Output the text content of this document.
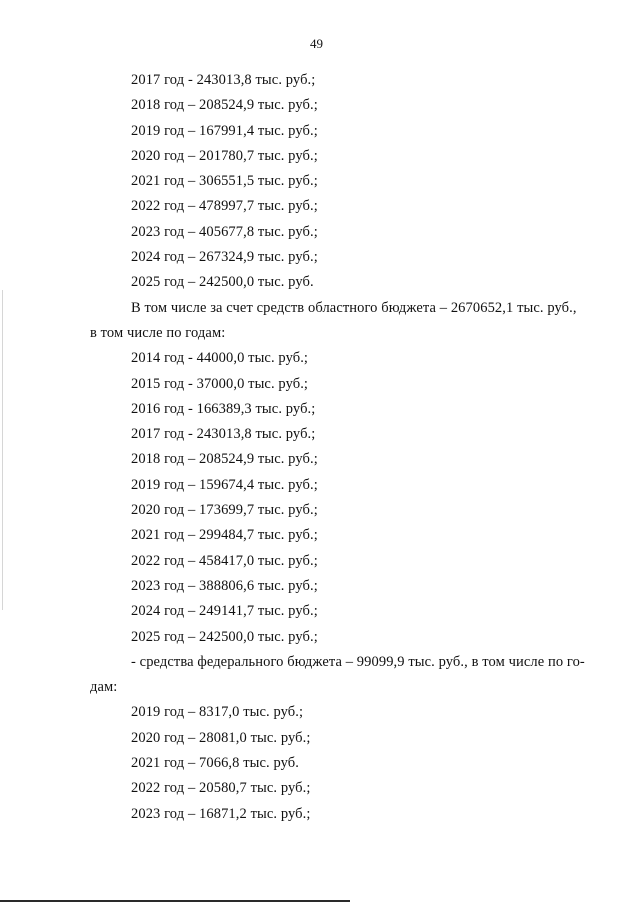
49
2017 год - 243013,8 тыс. руб.;
2018 год – 208524,9 тыс. руб.;
2019 год – 167991,4 тыс. руб.;
2020 год – 201780,7 тыс. руб.;
2021 год – 306551,5 тыс. руб.;
2022 год – 478997,7 тыс. руб.;
2023 год – 405677,8 тыс. руб.;
2024 год – 267324,9 тыс. руб.;
2025 год – 242500,0 тыс. руб.
В том числе за счет средств областного бюджета – 2670652,1 тыс. руб.,
в том числе по годам:
2014 год - 44000,0 тыс. руб.;
2015 год - 37000,0 тыс. руб.;
2016 год - 166389,3 тыс. руб.;
2017 год - 243013,8 тыс. руб.;
2018 год – 208524,9 тыс. руб.;
2019 год – 159674,4 тыс. руб.;
2020 год – 173699,7 тыс. руб.;
2021 год – 299484,7 тыс. руб.;
2022 год – 458417,0 тыс. руб.;
2023 год – 388806,6 тыс. руб.;
2024 год – 249141,7 тыс. руб.;
2025 год – 242500,0 тыс. руб.;
- средства федерального бюджета – 99099,9 тыс. руб., в том числе по го-
дам:
2019 год – 8317,0 тыс. руб.;
2020 год – 28081,0 тыс. руб.;
2021 год – 7066,8 тыс. руб.
2022 год – 20580,7 тыс. руб.;
2023 год – 16871,2 тыс. руб.;
